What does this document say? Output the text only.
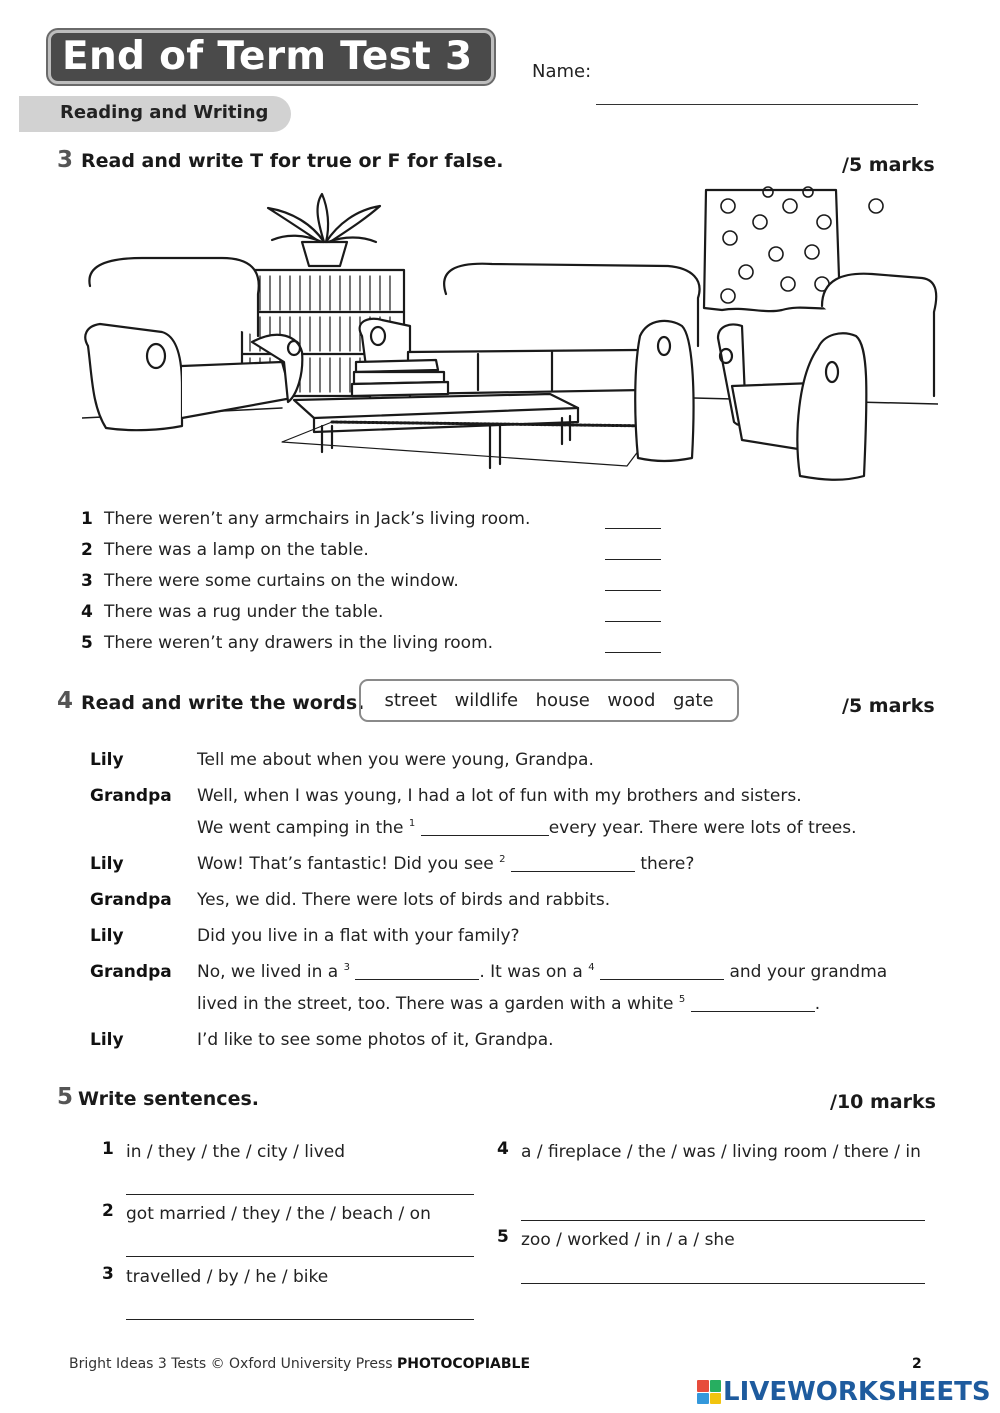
End of Term Test 3	Name:
Reading and Writing
3 Read and write T for true or F for false.	/5 marks
1 There weren’t any armchairs in Jack’s living room.
2 There was a lamp on the table.
3 There were some curtains on the window.
4 There was a rug under the table.
5 There weren’t any drawers in the living room.
4 Read and write the words. street wildlife house wood gate	/5 marks
Lily	Tell me about when you were young, Grandpa.
Grandpa Well, when I was young, I had a lot of fun with my brothers and sisters.
We went camping in the $^1$	every year. There were lots of trees.
Lily	Wow! That’s fantastic! Did you see $^2$	there?
Grandpa Yes, we did. There were lots of birds and rabbits.
Lily	Did you live in a flat with your family?
Grandpa No, we lived in a $^3$	. It was on a $^4$	and your grandma
lived in the street, too. There was a garden with a white $^5$	.
Lily	I’d like to see some photos of it, Grandpa.
5 Write sentences.	/10 marks
1 in / they / the / city / lived
2 got married / they / the / beach / on
3 travelled / by / he / bike
4 a / fireplace / the / was / living room / there / in
5 zoo / worked / in / a / she
Bright Ideas 3 Tests © Oxford University Press PHOTOCOPIABLE	2
LIVEWORKSHEETS
